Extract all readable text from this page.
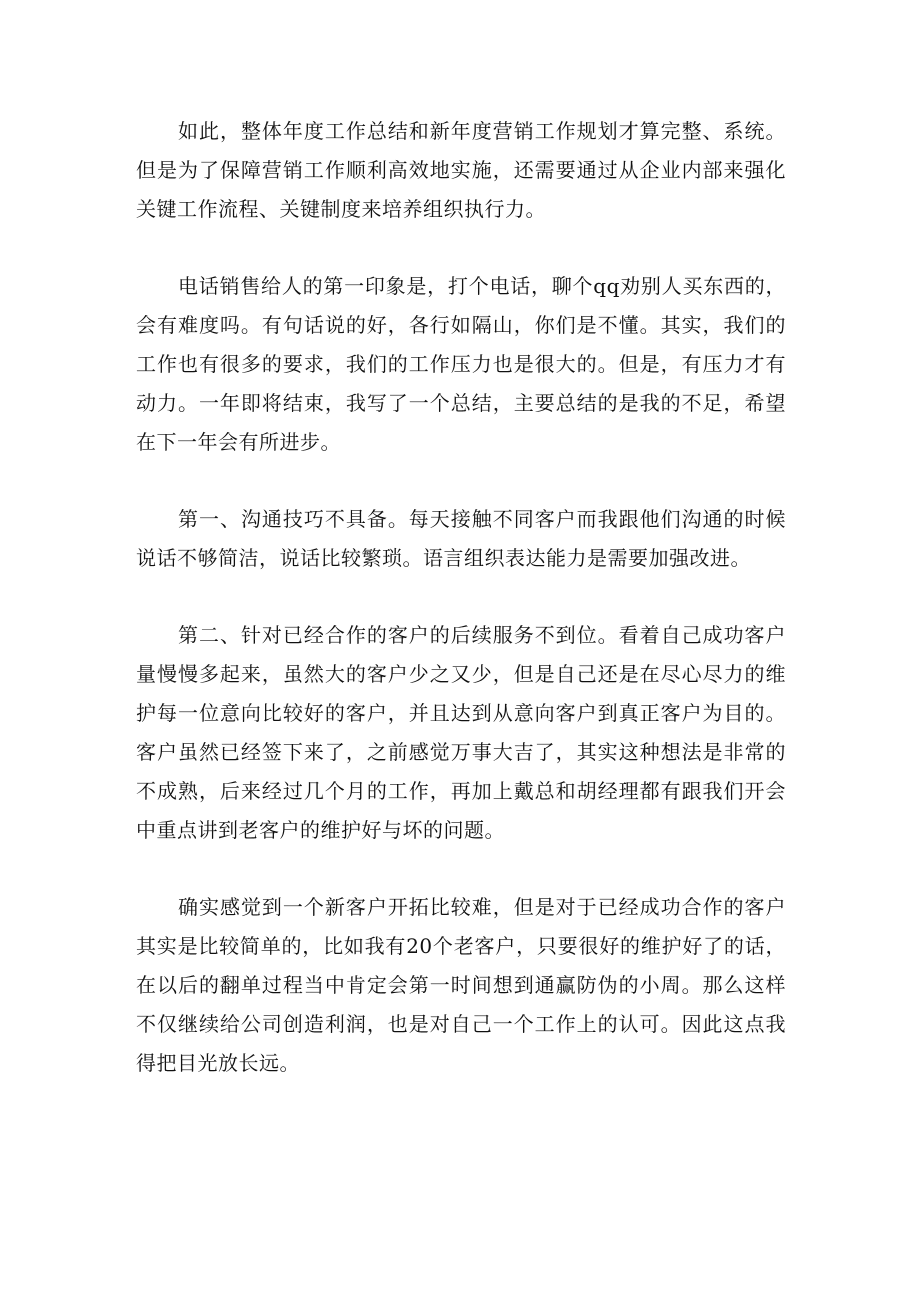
如此，整体年度工作总结和新年度营销工作规划才算完整、系统。但是为了保障营销工作顺利高效地实施，还需要通过从企业内部来强化关键工作流程、关键制度来培养组织执行力。

电话销售给人的第一印象是，打个电话，聊个qq劝别人买东西的，会有难度吗。有句话说的好，各行如隔山，你们是不懂。其实，我们的工作也有很多的要求，我们的工作压力也是很大的。但是，有压力才有动力。一年即将结束，我写了一个总结，主要总结的是我的不足，希望在下一年会有所进步。

第一、沟通技巧不具备。每天接触不同客户而我跟他们沟通的时候说话不够简洁，说话比较繁琐。语言组织表达能力是需要加强改进。

第二、针对已经合作的客户的后续服务不到位。看着自己成功客户量慢慢多起来，虽然大的客户少之又少，但是自己还是在尽心尽力的维护每一位意向比较好的客户，并且达到从意向客户到真正客户为目的。客户虽然已经签下来了，之前感觉万事大吉了，其实这种想法是非常的不成熟，后来经过几个月的工作，再加上戴总和胡经理都有跟我们开会中重点讲到老客户的维护好与坏的问题。

确实感觉到一个新客户开拓比较难，但是对于已经成功合作的客户其实是比较简单的，比如我有20个老客户，只要很好的维护好了的话，在以后的翻单过程当中肯定会第一时间想到通赢防伪的小周。那么这样不仅继续给公司创造利润，也是对自己一个工作上的认可。因此这点我得把目光放长远。
